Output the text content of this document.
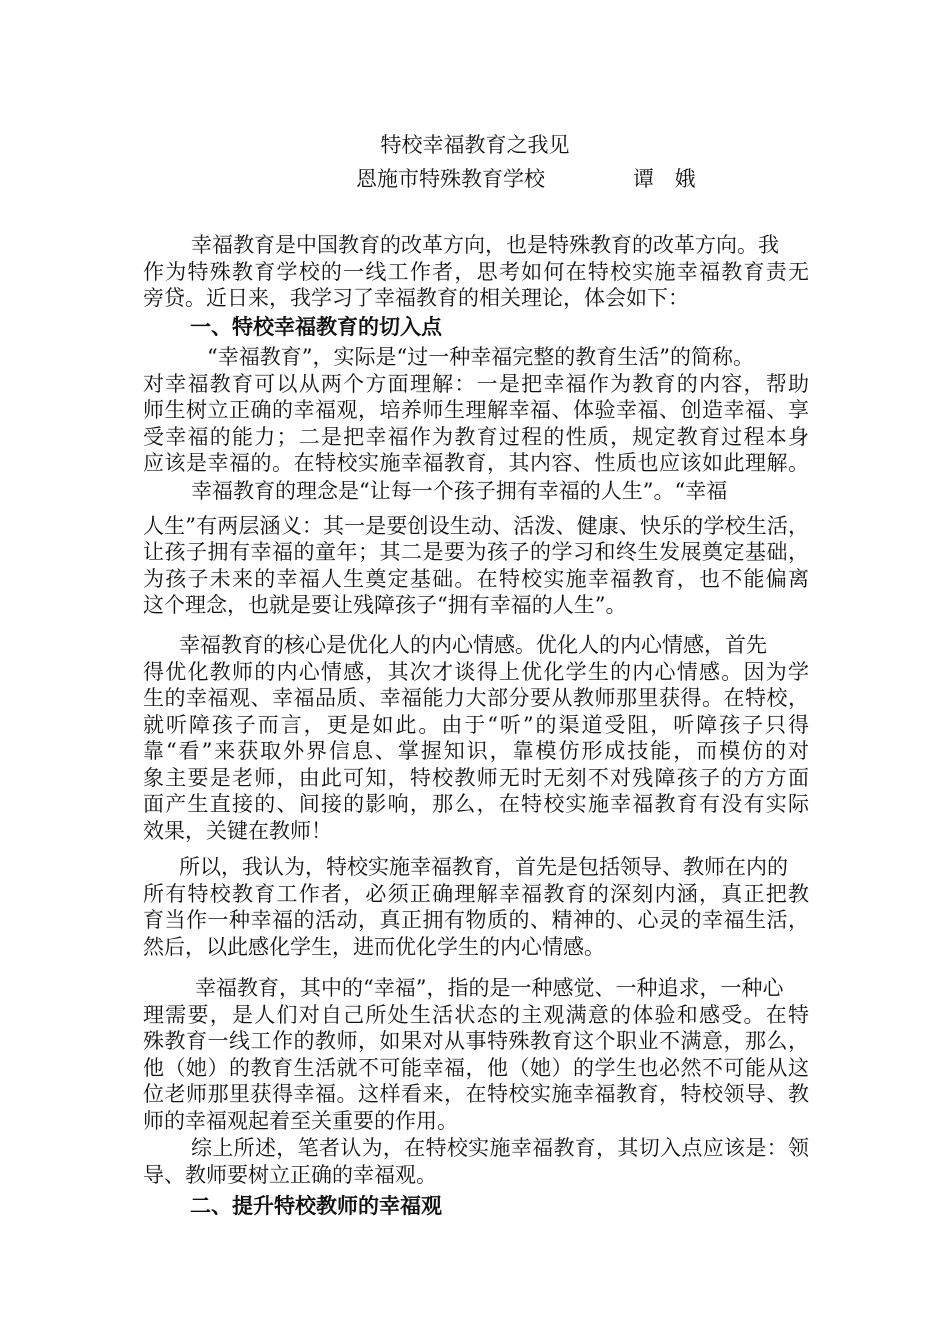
特校幸福教育之我见
恩施市特殊教育学校	谭 娥
幸福教育是中国教育的改革方向，也是特殊教育的改革方向。我
作为特殊教育学校的一线工作者，思考如何在特校实施幸福教育责无
旁贷。近日来，我学习了幸福教育的相关理论，体会如下：
一、特校幸福教育的切入点
“幸福教育”，实际是“过一种幸福完整的教育生活”的简称。
对幸福教育可以从两个方面理解：一是把幸福作为教育的内容，帮助
师生树立正确的幸福观，培养师生理解幸福、体验幸福、创造幸福、享
受幸福的能力；二是把幸福作为教育过程的性质，规定教育过程本身
应该是幸福的。在特校实施幸福教育，其内容、性质也应该如此理解。
幸福教育的理念是“让每一个孩子拥有幸福的人生”。“幸福
人生”有两层涵义：其一是要创设生动、活泼、健康、快乐的学校生活，
让孩子拥有幸福的童年；其二是要为孩子的学习和终生发展奠定基础，
为孩子未来的幸福人生奠定基础。在特校实施幸福教育，也不能偏离
这个理念，也就是要让残障孩子“拥有幸福的人生”。
幸福教育的核心是优化人的内心情感。优化人的内心情感，首先
得优化教师的内心情感，其次才谈得上优化学生的内心情感。因为学
生的幸福观、幸福品质、幸福能力大部分要从教师那里获得。在特校，
就听障孩子而言，更是如此。由于“听”的渠道受阻，听障孩子只得
靠“看”来获取外界信息、掌握知识，靠模仿形成技能，而模仿的对
象主要是老师，由此可知，特校教师无时无刻不对残障孩子的方方面
面产生直接的、间接的影响，那么，在特校实施幸福教育有没有实际
效果，关键在教师！
所以，我认为，特校实施幸福教育，首先是包括领导、教师在内的
所有特校教育工作者，必须正确理解幸福教育的深刻内涵，真正把教
育当作一种幸福的活动，真正拥有物质的、精神的、心灵的幸福生活，
然后，以此感化学生，进而优化学生的内心情感。
幸福教育，其中的“幸福”，指的是一种感觉、一种追求，一种心
理需要，是人们对自己所处生活状态的主观满意的体验和感受。在特
殊教育一线工作的教师，如果对从事特殊教育这个职业不满意，那么，
他（她）的教育生活就不可能幸福，他（她）的学生也必然不可能从这
位老师那里获得幸福。这样看来，在特校实施幸福教育，特校领导、教
师的幸福观起着至关重要的作用。
综上所述，笔者认为，在特校实施幸福教育，其切入点应该是：领
导、教师要树立正确的幸福观。
二、提升特校教师的幸福观
